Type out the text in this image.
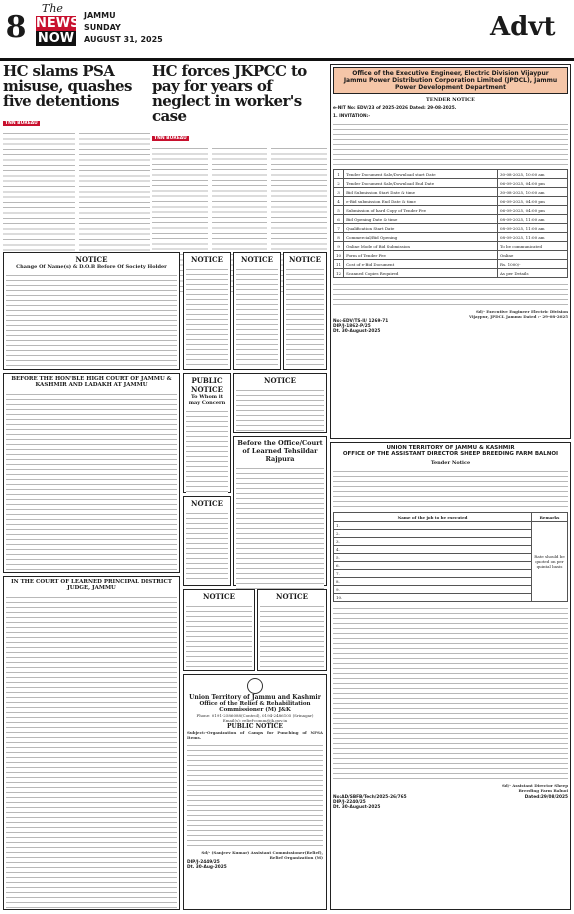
8
The
NEWS
NOW
JAMMU
SUNDAY
AUGUST 31, 2025	Advt
HC slams PSA misuse, quashes five detentions
TNN BUREAU
HC forces JKPCC to pay for years of neglect in worker's case
TNN BUREAU
NOTICE
Change Of Name(s) & D.O.B Before Of Society Holder
BEFORE THE HON'BLE HIGH COURT OF JAMMU & KASHMIR AND LADAKH AT JAMMU
IN THE COURT OF LEARNED PRINCIPAL DISTRICT JUDGE, JAMMU
NOTICE	NOTICE	NOTICE
PUBLIC NOTICE
To Whom it may Concern
NOTICE
NOTICE
Before the Office/Court of Learned Tehsildar Rajpura
NOTICE	NOTICE
Union Territory of Jammu and Kashmir
Office of the Relief & Rehabilitation Commissioner (M) J&K
Phone: 0191-2586088(Control), 0194-2486105 (Srinagar)
Email(s): relief-comm@jk.gov.in
PUBLIC NOTICE
Subject:-Organization of Camps for Punching of NFSA Items.
Sd/- (Sanjeev Kumar) Assistant Commissioner(Relief), Relief Organization (M)
DIP/J-2449/25
Dt. 30-Aug-2025
Office of the Executive Engineer, Electric Division Vijaypur
Jammu Power Distribution Corporation Limited (JPDCL), Jammu
Power Development Department
TENDER NOTICE
e-NIT No: EDV/23 of 2025-2026 Dated: 29-08-2025.
1. INVITATION:-
1	Tender Document Sale/Download start Date	30-08-2025, 10:00 am
2	Tender Document Sale/Download End Date	06-09-2025, 04:00 pm
3	Bid Submission Start Date & time	30-08-2025, 10:00 am
4	e-Bid submission End Date & time	06-09-2025, 04:00 pm
5	Submission of hard Copy of Tender Fee	06-09-2025, 04:00 pm
6	Bid Opening Date & time	08-09-2025, 11:00 am
7	Qualification Start Date	08-09-2025, 11:00 am
8	Commercial/Bid Opening	08-09-2025, 11:00 am
9	Online Mode of Bid Submission	To be communicated
10	Form of Tender Fee	Online
11	Cost of e-Bid Document	Rs. 1000/-
12	Scanned Copies Required	As per Details
Sd/- Executive Engineer Electric Division Vijaypur, JPDCL Jammu Dated :- 29-08-2025
No:-EDV/TS-II/ 1269-71
DIP/J-1862-P/25
Dt. 30-August-2025
UNION TERRITORY OF JAMMU & KASHMIR
OFFICE OF THE ASSISTANT DIRECTOR SHEEP BREEDING FARM BALNOI
Tender Notice
Name of the job to be executed	Remarks
1.	Rate should be quoted on per quintal basis
2.	
3.	
4.	
5.	
6.	
7.	
8.	
9.	
10.	
Sd/- Assistant Director Sheep Breeding Farm Balnoi
No:AD/SBFB/Tech/2025-26/765	Dated:29/08/2025
DIP/J-2240/25
Dt. 30-August-2025
